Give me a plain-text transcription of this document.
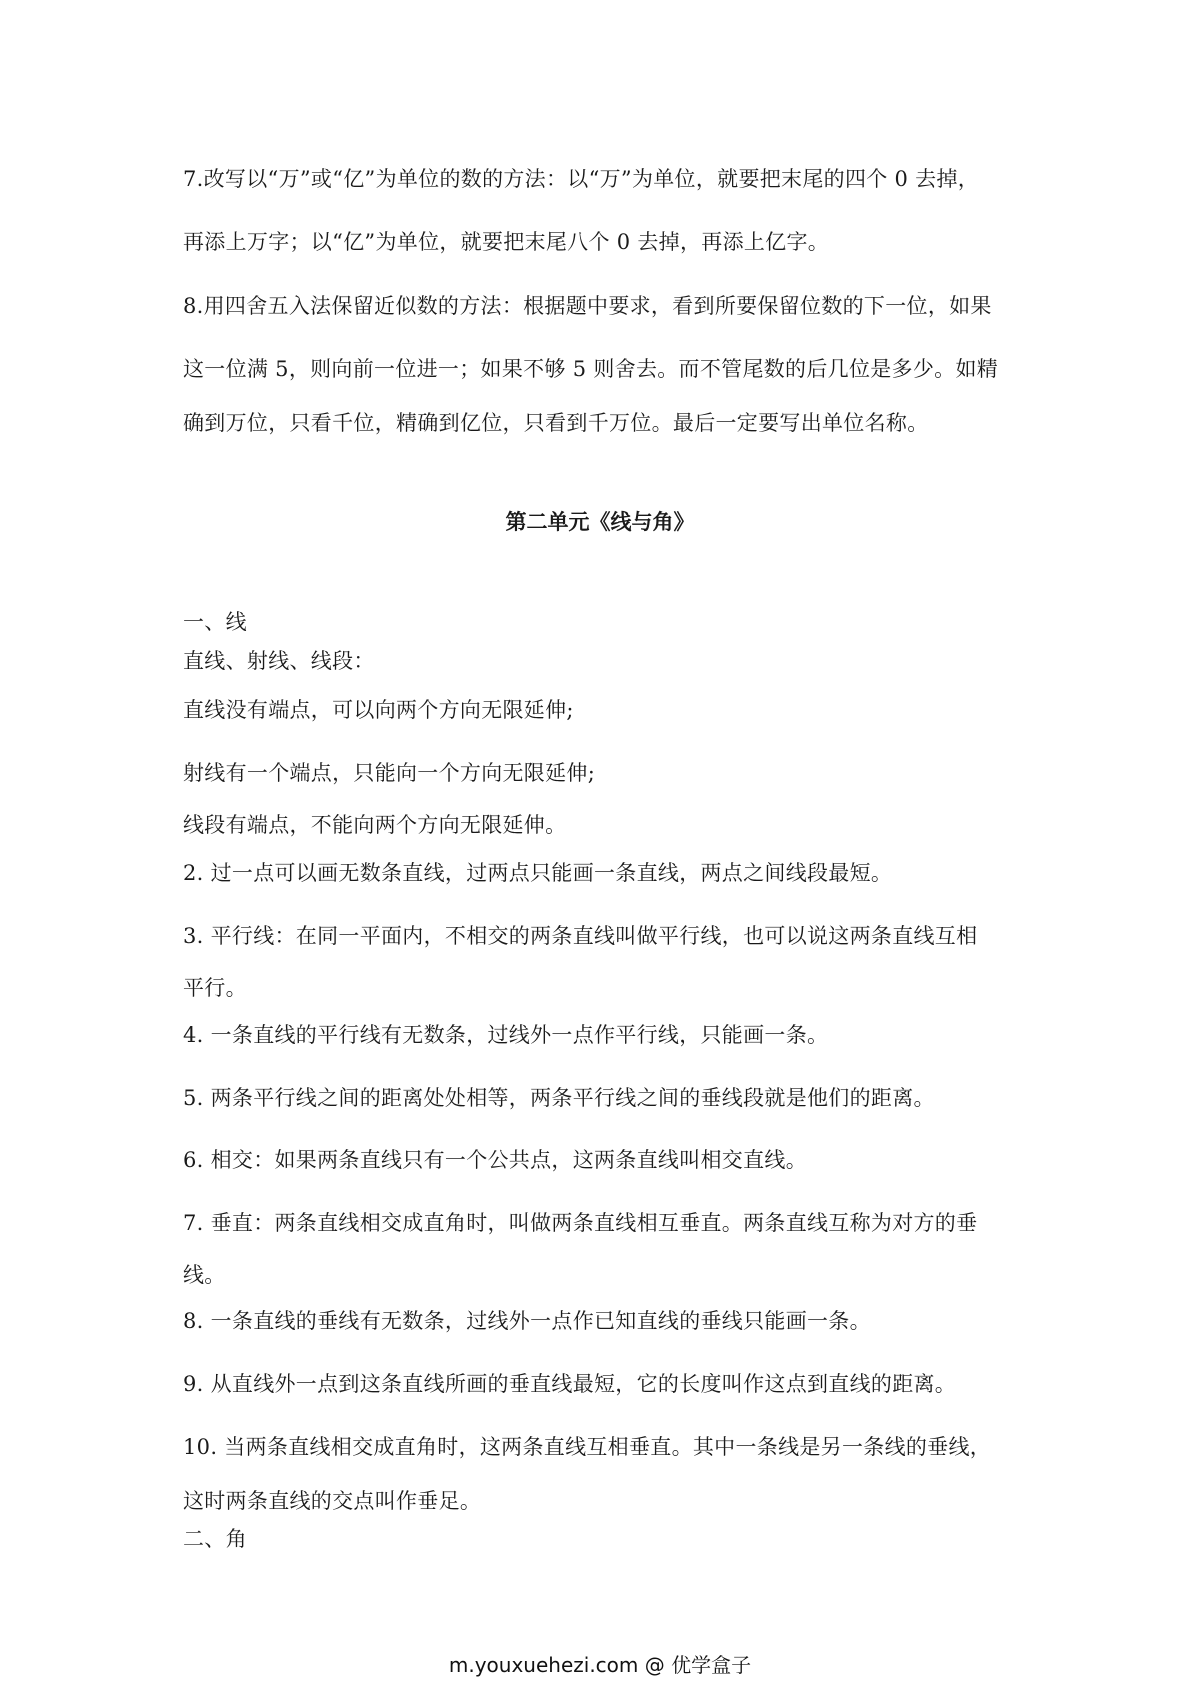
7.改写以“万”或“亿”为单位的数的方法：以“万”为单位，就要把末尾的四个 0 去掉，
再添上万字；以“亿”为单位，就要把末尾八个 0 去掉，再添上亿字。
8.用四舍五入法保留近似数的方法：根据题中要求，看到所要保留位数的下一位，如果
这一位满 5，则向前一位进一；如果不够 5 则舍去。而不管尾数的后几位是多少。如精
确到万位，只看千位，精确到亿位，只看到千万位。最后一定要写出单位名称。
第二单元《线与角》
一、线
直线、射线、线段：
直线没有端点，可以向两个方向无限延伸;
射线有一个端点，只能向一个方向无限延伸;
线段有端点，不能向两个方向无限延伸。
2. 过一点可以画无数条直线，过两点只能画一条直线，两点之间线段最短。
3. 平行线：在同一平面内，不相交的两条直线叫做平行线，也可以说这两条直线互相
平行。
4. 一条直线的平行线有无数条，过线外一点作平行线，只能画一条。
5. 两条平行线之间的距离处处相等，两条平行线之间的垂线段就是他们的距离。
6. 相交：如果两条直线只有一个公共点，这两条直线叫相交直线。
7. 垂直：两条直线相交成直角时，叫做两条直线相互垂直。两条直线互称为对方的垂
线。
8. 一条直线的垂线有无数条，过线外一点作已知直线的垂线只能画一条。
9. 从直线外一点到这条直线所画的垂直线最短，它的长度叫作这点到直线的距离。
10. 当两条直线相交成直角时，这两条直线互相垂直。其中一条线是另一条线的垂线，
这时两条直线的交点叫作垂足。
二、角
m.youxuehezi.com @ 优学盒子
